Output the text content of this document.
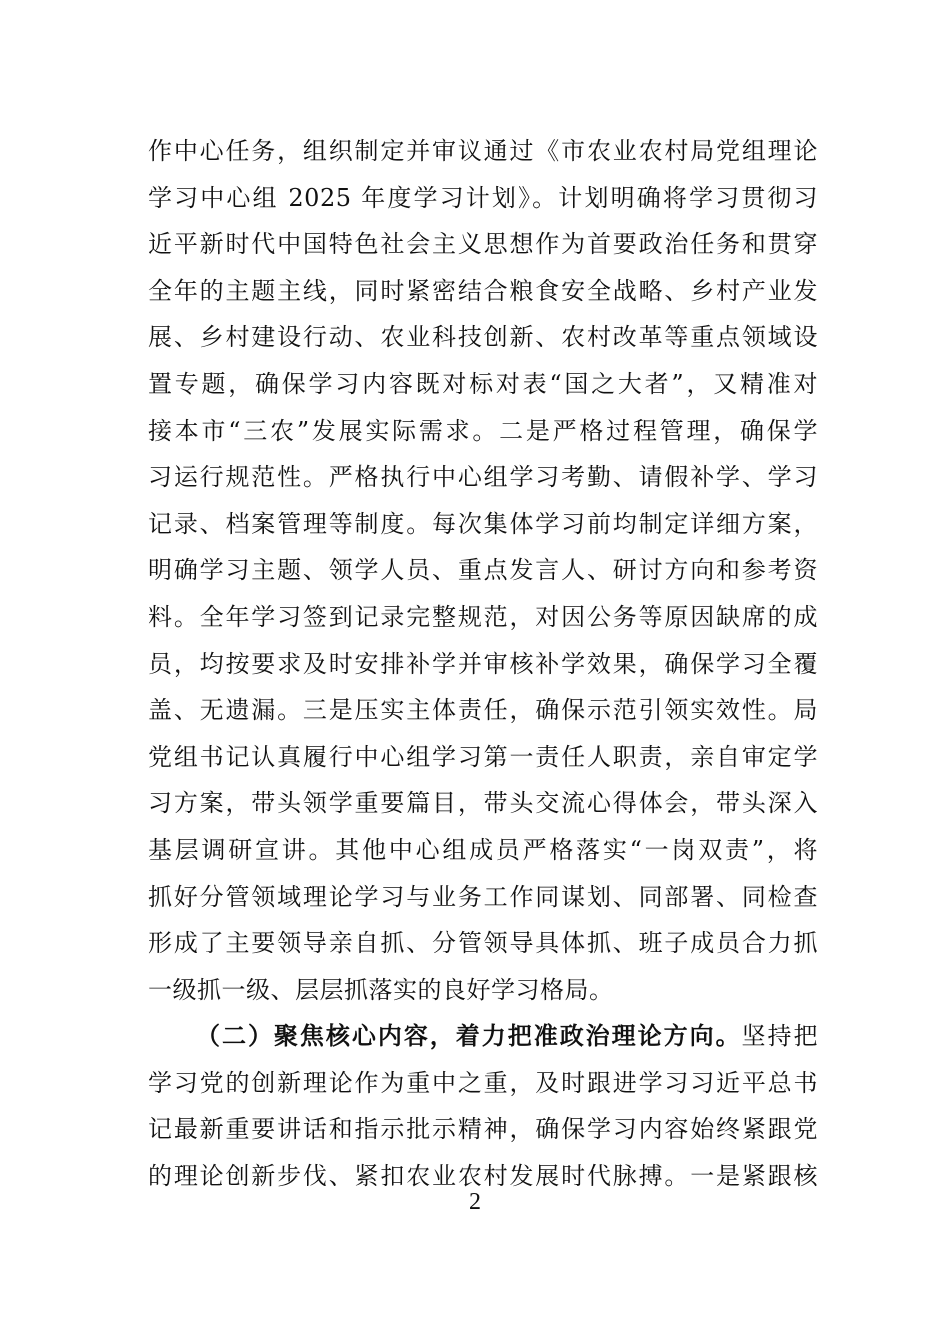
作中心任务，组织制定并审议通过《市农业农村局党组理论
学习中心组 2025 年度学习计划》。计划明确将学习贯彻习
近平新时代中国特色社会主义思想作为首要政治任务和贯穿
全年的主题主线，同时紧密结合粮食安全战略、乡村产业发
展、乡村建设行动、农业科技创新、农村改革等重点领域设
置专题，确保学习内容既对标对表“国之大者”，又精准对
接本市“三农”发展实际需求。二是严格过程管理，确保学
习运行规范性。严格执行中心组学习考勤、请假补学、学习
记录、档案管理等制度。每次集体学习前均制定详细方案，
明确学习主题、领学人员、重点发言人、研讨方向和参考资
料。全年学习签到记录完整规范，对因公务等原因缺席的成
员，均按要求及时安排补学并审核补学效果，确保学习全覆
盖、无遗漏。三是压实主体责任，确保示范引领实效性。局
党组书记认真履行中心组学习第一责任人职责，亲自审定学
习方案，带头领学重要篇目，带头交流心得体会，带头深入
基层调研宣讲。其他中心组成员严格落实“一岗双责”，将
抓好分管领域理论学习与业务工作同谋划、同部署、同检查
形成了主要领导亲自抓、分管领导具体抓、班子成员合力抓
一级抓一级、层层抓落实的良好学习格局。
（二）聚焦核心内容，着力把准政治理论方向。坚持把
学习党的创新理论作为重中之重，及时跟进学习习近平总书
记最新重要讲话和指示批示精神，确保学习内容始终紧跟党
的理论创新步伐、紧扣农业农村发展时代脉搏。一是紧跟核
2
